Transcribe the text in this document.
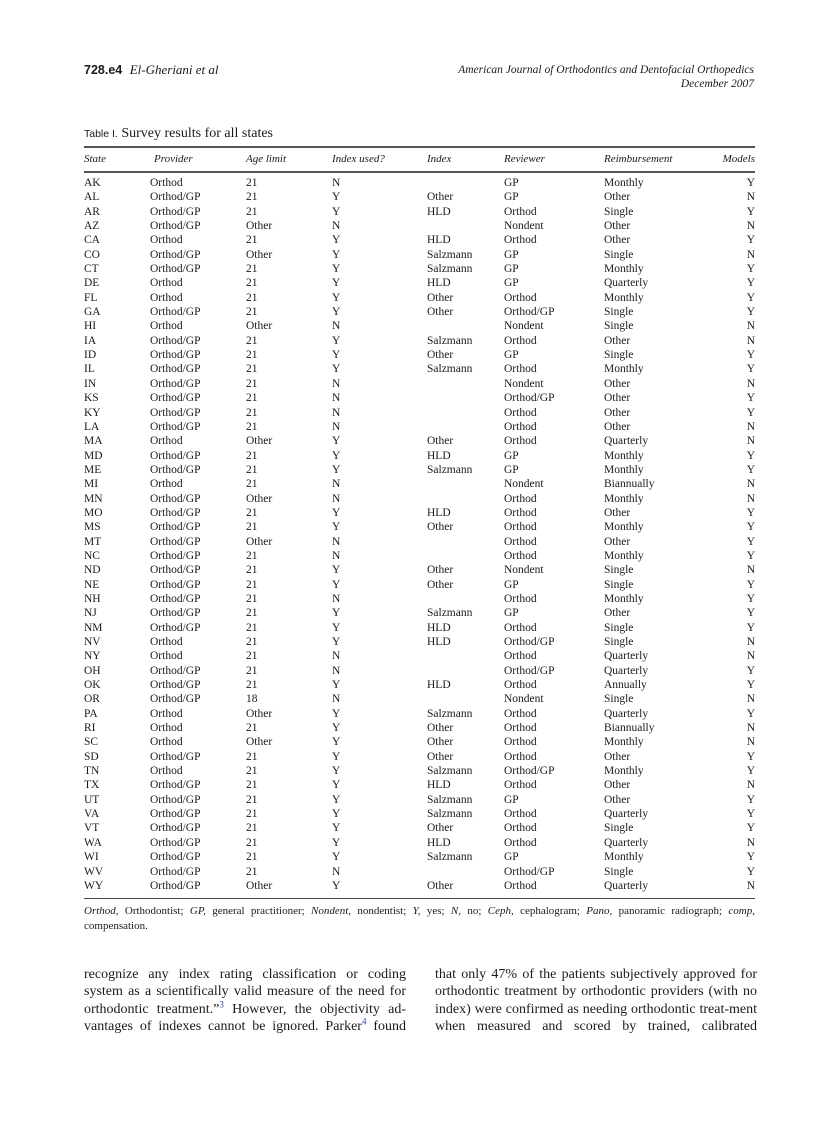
728.e4 El-Gheriani et al	American Journal of Orthodontics and Dentofacial Orthopedics
December 2007
Table I. Survey results for all states
State	Provider	Age limit	Index used?	Index	Reviewer	Reimbursement	Models
AK	Orthod	21	N		GP	Monthly	Y
AL	Orthod/GP	21	Y	Other	GP	Other	N
AR	Orthod/GP	21	Y	HLD	Orthod	Single	Y
AZ	Orthod/GP	Other	N		Nondent	Other	N
CA	Orthod	21	Y	HLD	Orthod	Other	Y
CO	Orthod/GP	Other	Y	Salzmann	GP	Single	N
CT	Orthod/GP	21	Y	Salzmann	GP	Monthly	Y
DE	Orthod	21	Y	HLD	GP	Quarterly	Y
FL	Orthod	21	Y	Other	Orthod	Monthly	Y
GA	Orthod/GP	21	Y	Other	Orthod/GP	Single	Y
HI	Orthod	Other	N		Nondent	Single	N
IA	Orthod/GP	21	Y	Salzmann	Orthod	Other	N
ID	Orthod/GP	21	Y	Other	GP	Single	Y
IL	Orthod/GP	21	Y	Salzmann	Orthod	Monthly	Y
IN	Orthod/GP	21	N		Nondent	Other	N
KS	Orthod/GP	21	N		Orthod/GP	Other	Y
KY	Orthod/GP	21	N		Orthod	Other	Y
LA	Orthod/GP	21	N		Orthod	Other	N
MA	Orthod	Other	Y	Other	Orthod	Quarterly	N
MD	Orthod/GP	21	Y	HLD	GP	Monthly	Y
ME	Orthod/GP	21	Y	Salzmann	GP	Monthly	Y
MI	Orthod	21	N		Nondent	Biannually	N
MN	Orthod/GP	Other	N		Orthod	Monthly	N
MO	Orthod/GP	21	Y	HLD	Orthod	Other	Y
MS	Orthod/GP	21	Y	Other	Orthod	Monthly	Y
MT	Orthod/GP	Other	N		Orthod	Other	Y
NC	Orthod/GP	21	N		Orthod	Monthly	Y
ND	Orthod/GP	21	Y	Other	Nondent	Single	N
NE	Orthod/GP	21	Y	Other	GP	Single	Y
NH	Orthod/GP	21	N		Orthod	Monthly	Y
NJ	Orthod/GP	21	Y	Salzmann	GP	Other	Y
NM	Orthod/GP	21	Y	HLD	Orthod	Single	Y
NV	Orthod	21	Y	HLD	Orthod/GP	Single	N
NY	Orthod	21	N		Orthod	Quarterly	N
OH	Orthod/GP	21	N		Orthod/GP	Quarterly	Y
OK	Orthod/GP	21	Y	HLD	Orthod	Annually	Y
OR	Orthod/GP	18	N		Nondent	Single	N
PA	Orthod	Other	Y	Salzmann	Orthod	Quarterly	Y
RI	Orthod	21	Y	Other	Orthod	Biannually	N
SC	Orthod	Other	Y	Other	Orthod	Monthly	N
SD	Orthod/GP	21	Y	Other	Orthod	Other	Y
TN	Orthod	21	Y	Salzmann	Orthod/GP	Monthly	Y
TX	Orthod/GP	21	Y	HLD	Orthod	Other	N
UT	Orthod/GP	21	Y	Salzmann	GP	Other	Y
VA	Orthod/GP	21	Y	Salzmann	Orthod	Quarterly	Y
VT	Orthod/GP	21	Y	Other	Orthod	Single	Y
WA	Orthod/GP	21	Y	HLD	Orthod	Quarterly	N
WI	Orthod/GP	21	Y	Salzmann	GP	Monthly	Y
WV	Orthod/GP	21	N		Orthod/GP	Single	Y
WY	Orthod/GP	Other	Y	Other	Orthod	Quarterly	N
Orthod, Orthodontist; GP, general practitioner; Nondent, nondentist; Y, yes; N, no; Ceph, cephalogram; Pano, panoramic radiograph; comp, compensation.
recognize any index rating classification or coding system as a scientifically valid measure of the need for orthodontic treatment.”$^3$ However, the objectivity ad-vantages of indexes cannot be ignored. Parker$^4$ found
that only 47% of the patients subjectively approved for orthodontic treatment by orthodontic providers (with no index) were confirmed as needing orthodontic treat-ment when measured and scored by trained, calibrated
